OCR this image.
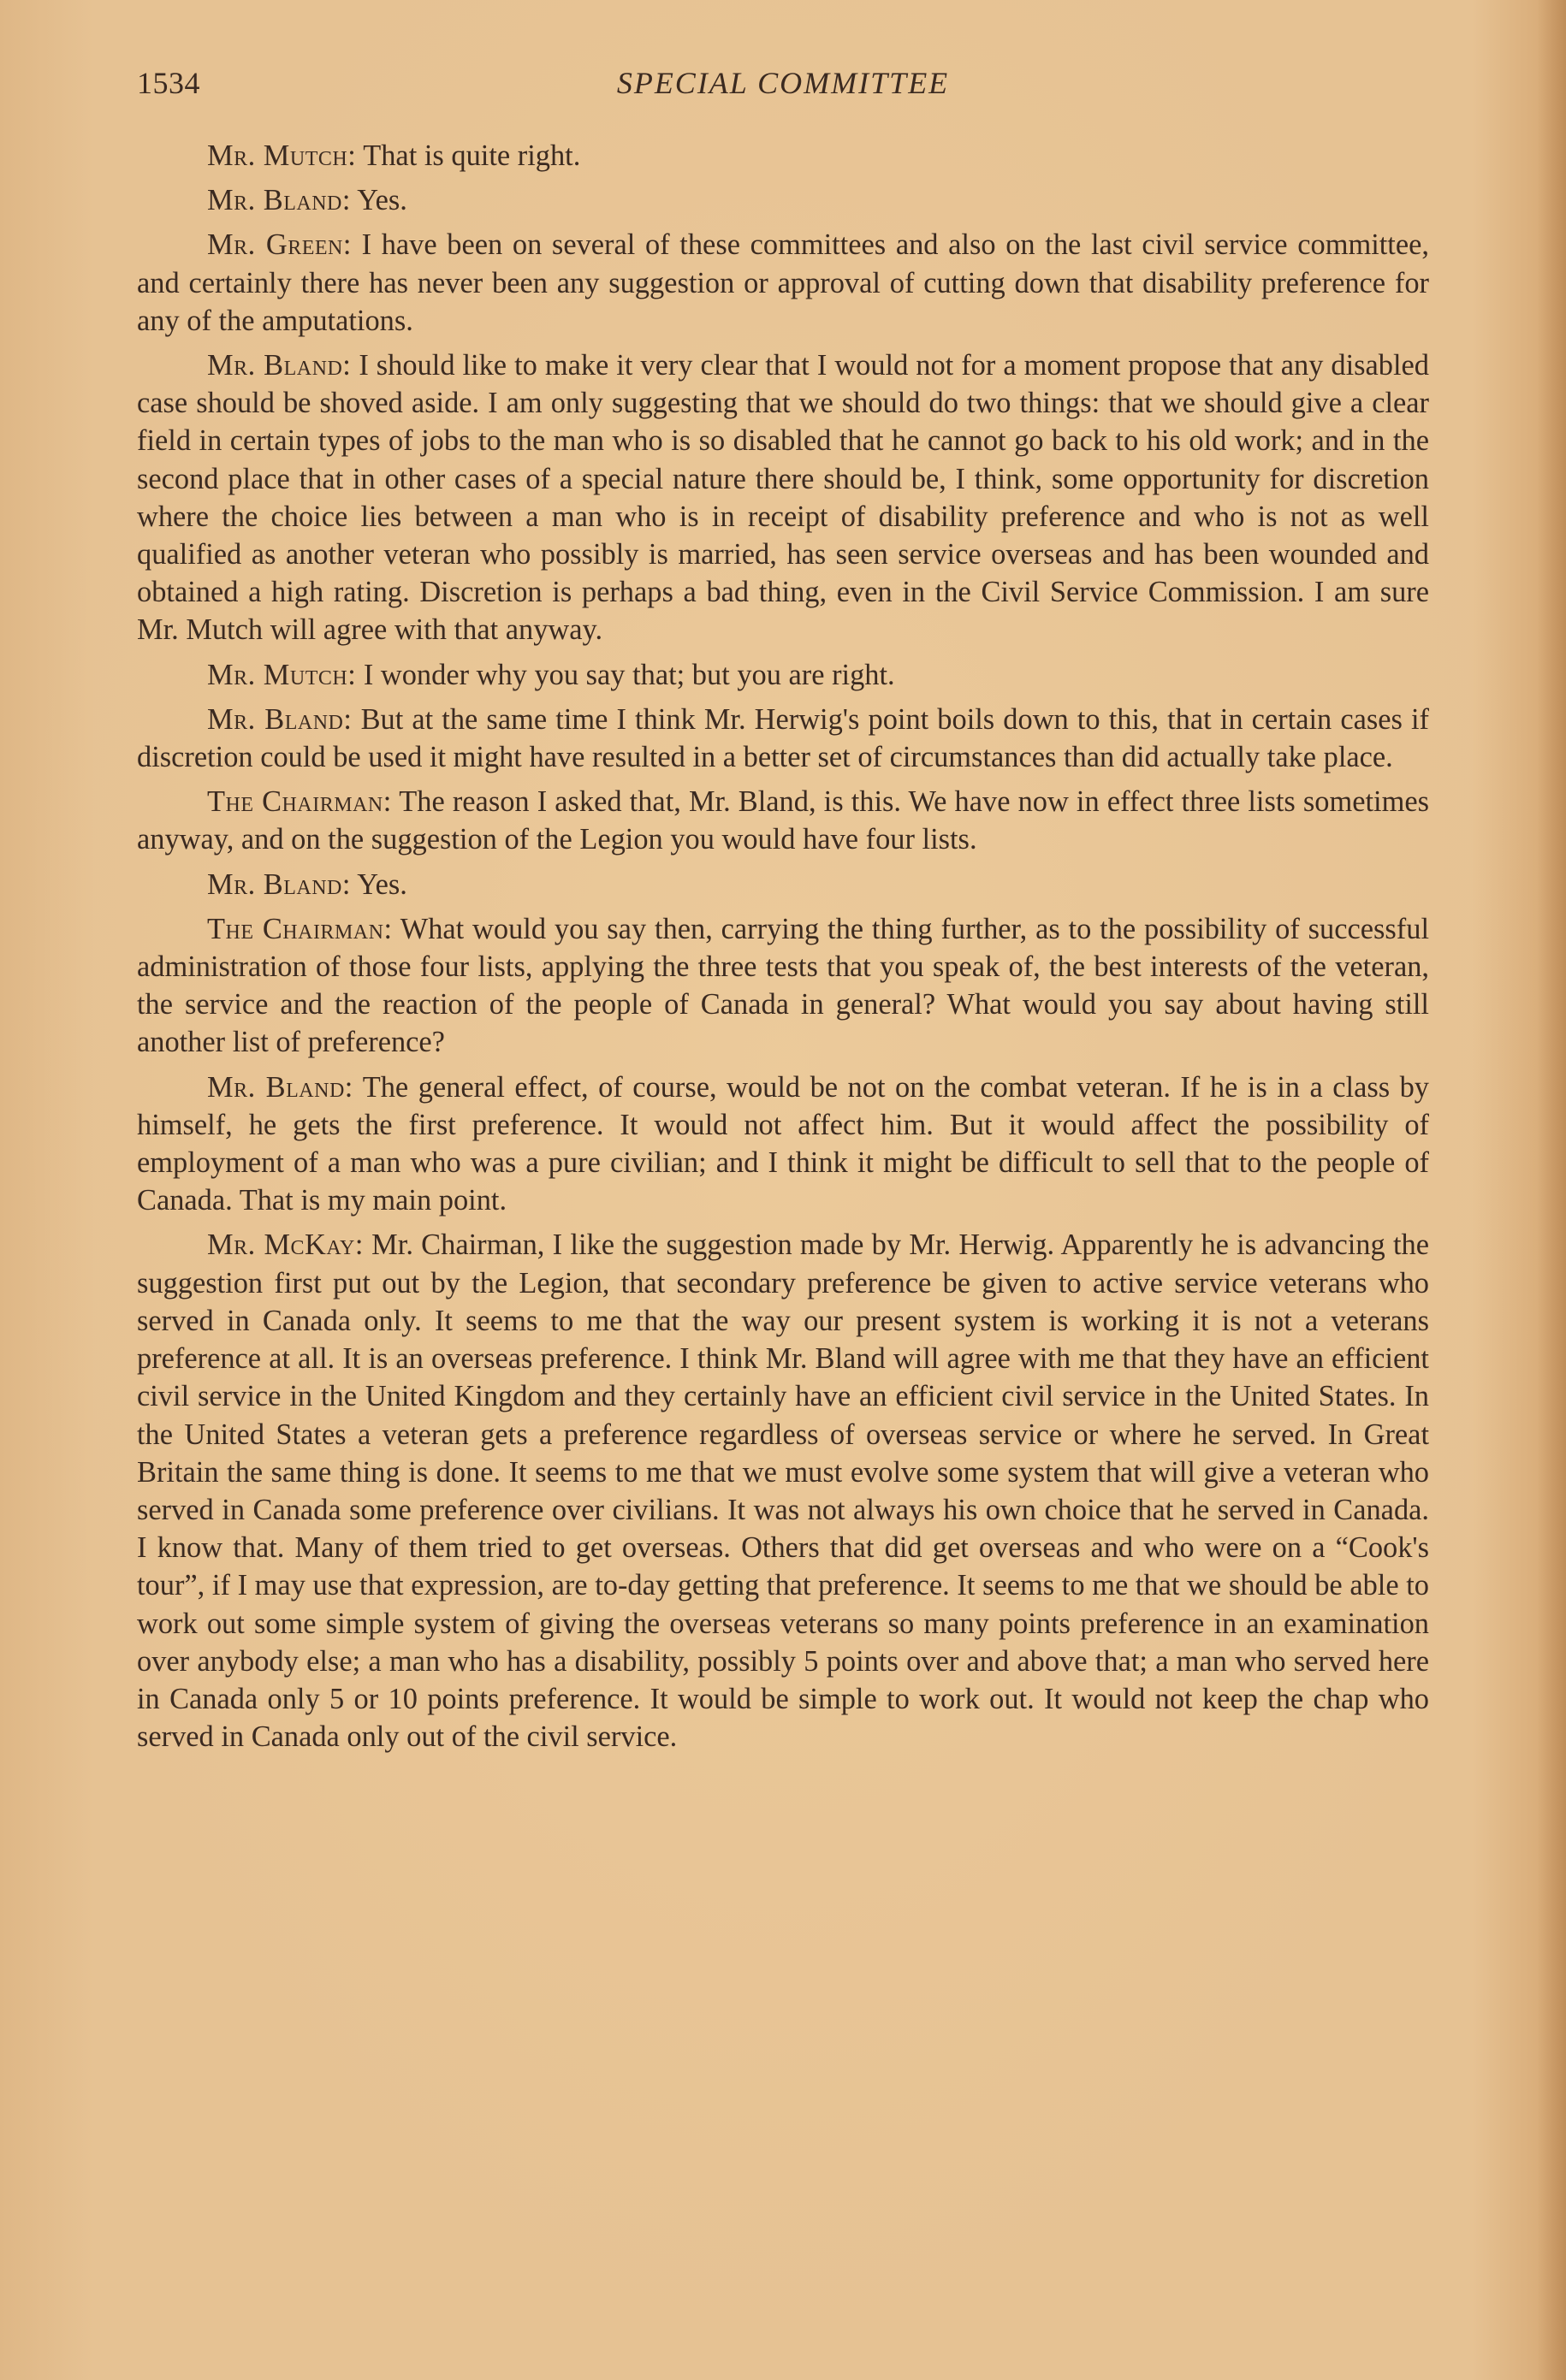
1534	SPECIAL COMMITTEE

Mr. Mutch: That is quite right.

Mr. Bland: Yes.

Mr. Green: I have been on several of these committees and also on the last civil service committee, and certainly there has never been any suggestion or approval of cutting down that disability preference for any of the amputations.

Mr. Bland: I should like to make it very clear that I would not for a moment propose that any disabled case should be shoved aside. I am only suggesting that we should do two things: that we should give a clear field in certain types of jobs to the man who is so disabled that he cannot go back to his old work; and in the second place that in other cases of a special nature there should be, I think, some opportunity for discretion where the choice lies between a man who is in receipt of disability preference and who is not as well qualified as another veteran who possibly is married, has seen service overseas and has been wounded and obtained a high rating. Discretion is perhaps a bad thing, even in the Civil Service Commission. I am sure Mr. Mutch will agree with that anyway.

Mr. Mutch: I wonder why you say that; but you are right.

Mr. Bland: But at the same time I think Mr. Herwig's point boils down to this, that in certain cases if discretion could be used it might have resulted in a better set of circumstances than did actually take place.

The Chairman: The reason I asked that, Mr. Bland, is this. We have now in effect three lists sometimes anyway, and on the suggestion of the Legion you would have four lists.

Mr. Bland: Yes.

The Chairman: What would you say then, carrying the thing further, as to the possibility of successful administration of those four lists, applying the three tests that you speak of, the best interests of the veteran, the service and the reaction of the people of Canada in general? What would you say about having still another list of preference?

Mr. Bland: The general effect, of course, would be not on the combat veteran. If he is in a class by himself, he gets the first preference. It would not affect him. But it would affect the possibility of employment of a man who was a pure civilian; and I think it might be difficult to sell that to the people of Canada. That is my main point.

Mr. McKay: Mr. Chairman, I like the suggestion made by Mr. Herwig. Apparently he is advancing the suggestion first put out by the Legion, that secondary preference be given to active service veterans who served in Canada only. It seems to me that the way our present system is working it is not a veterans preference at all. It is an overseas preference. I think Mr. Bland will agree with me that they have an efficient civil service in the United Kingdom and they certainly have an efficient civil service in the United States. In the United States a veteran gets a preference regardless of overseas service or where he served. In Great Britain the same thing is done. It seems to me that we must evolve some system that will give a veteran who served in Canada some preference over civilians. It was not always his own choice that he served in Canada. I know that. Many of them tried to get overseas. Others that did get overseas and who were on a “Cook's tour”, if I may use that expression, are to-day getting that preference. It seems to me that we should be able to work out some simple system of giving the overseas veterans so many points preference in an examination over anybody else; a man who has a disability, possibly 5 points over and above that; a man who served here in Canada only 5 or 10 points preference. It would be simple to work out. It would not keep the chap who served in Canada only out of the civil service.
